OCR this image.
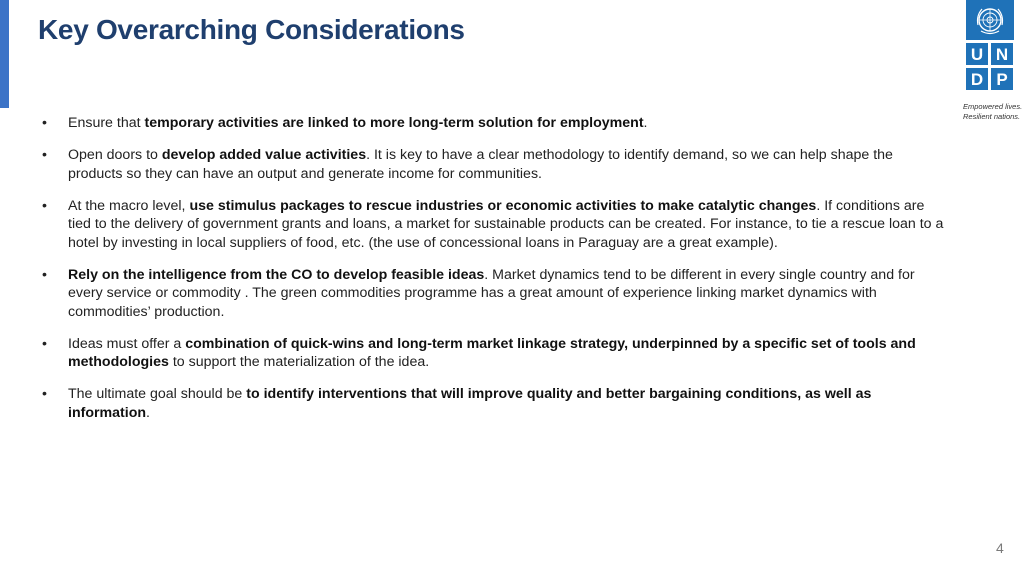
Key Overarching Considerations
U N
D P
Empowered lives.
Resilient nations.
•	Ensure that temporary activities are linked to more long-term solution for employment.
•	Open doors to develop added value activities. It is key to have a clear methodology to identify demand, so we can help shape the products so they can have an output and generate income for communities.
•	At the macro level, use stimulus packages to rescue industries or economic activities to make catalytic changes. If conditions are tied to the delivery of government grants and loans, a market for sustainable products can be created. For instance, to tie a rescue loan to a hotel by investing in local suppliers of food, etc. (the use of concessional loans in Paraguay are a great example).
•	Rely on the intelligence from the CO to develop feasible ideas. Market dynamics tend to be different in every single country and for every service or commodity . The green commodities programme has a great amount of experience linking market dynamics with commodities’ production.
•	Ideas must offer a combination of quick-wins and long-term market linkage strategy, underpinned by a specific set of tools and methodologies to support the materialization of the idea.
•	The ultimate goal should be to identify interventions that will improve quality and better bargaining conditions, as well as information.
4
